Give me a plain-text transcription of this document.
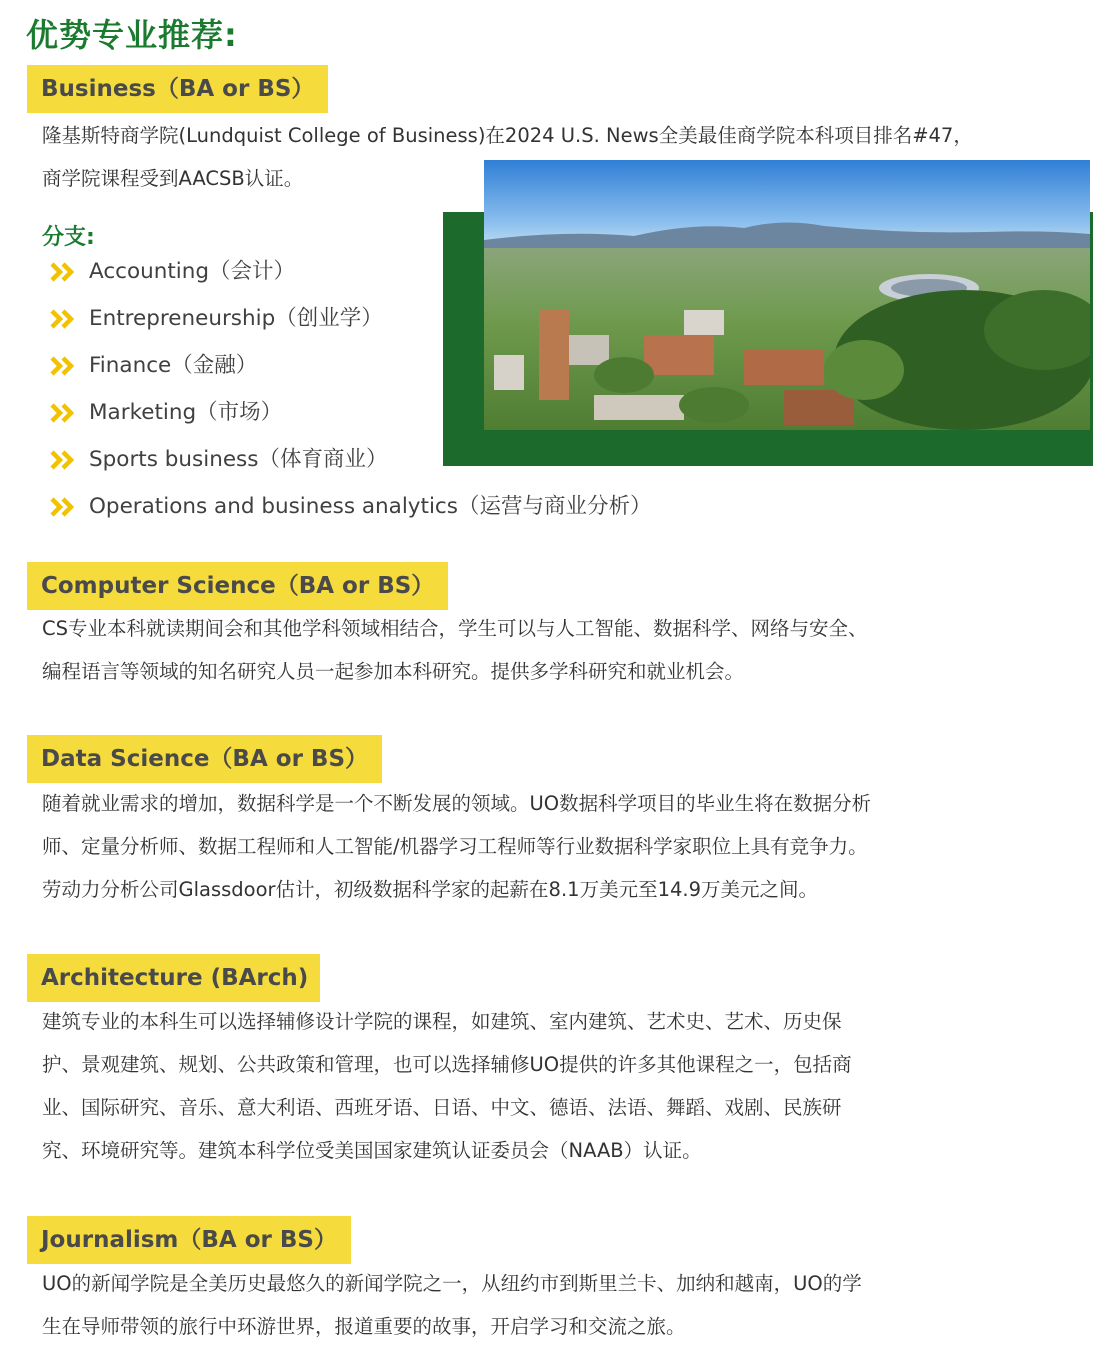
优势专业推荐:
Business（BA or BS）
隆基斯特商学院(Lundquist College of Business)在2024 U.S. News全美最佳商学院本科项目排名#47，
商学院课程受到AACSB认证。
分支:
Accounting（会计）
Entrepreneurship（创业学）
Finance（金融）
Marketing（市场）
Sports business（体育商业）
Operations and business analytics（运营与商业分析）
Computer Science（BA or BS）
CS专业本科就读期间会和其他学科领域相结合，学生可以与人工智能、数据科学、网络与安全、
编程语言等领域的知名研究人员一起参加本科研究。提供多学科研究和就业机会。
Data Science（BA or BS）
随着就业需求的增加，数据科学是一个不断发展的领域。UO数据科学项目的毕业生将在数据分析
师、定量分析师、数据工程师和人工智能/机器学习工程师等行业数据科学家职位上具有竞争力。
劳动力分析公司Glassdoor估计，初级数据科学家的起薪在8.1万美元至14.9万美元之间。
Architecture (BArch)
建筑专业的本科生可以选择辅修设计学院的课程，如建筑、室内建筑、艺术史、艺术、历史保
护、景观建筑、规划、公共政策和管理，也可以选择辅修UO提供的许多其他课程之一，包括商
业、国际研究、音乐、意大利语、西班牙语、日语、中文、德语、法语、舞蹈、戏剧、民族研
究、环境研究等。建筑本科学位受美国国家建筑认证委员会（NAAB）认证。
Journalism（BA or BS）
UO的新闻学院是全美历史最悠久的新闻学院之一，从纽约市到斯里兰卡、加纳和越南，UO的学
生在导师带领的旅行中环游世界，报道重要的故事，开启学习和交流之旅。
